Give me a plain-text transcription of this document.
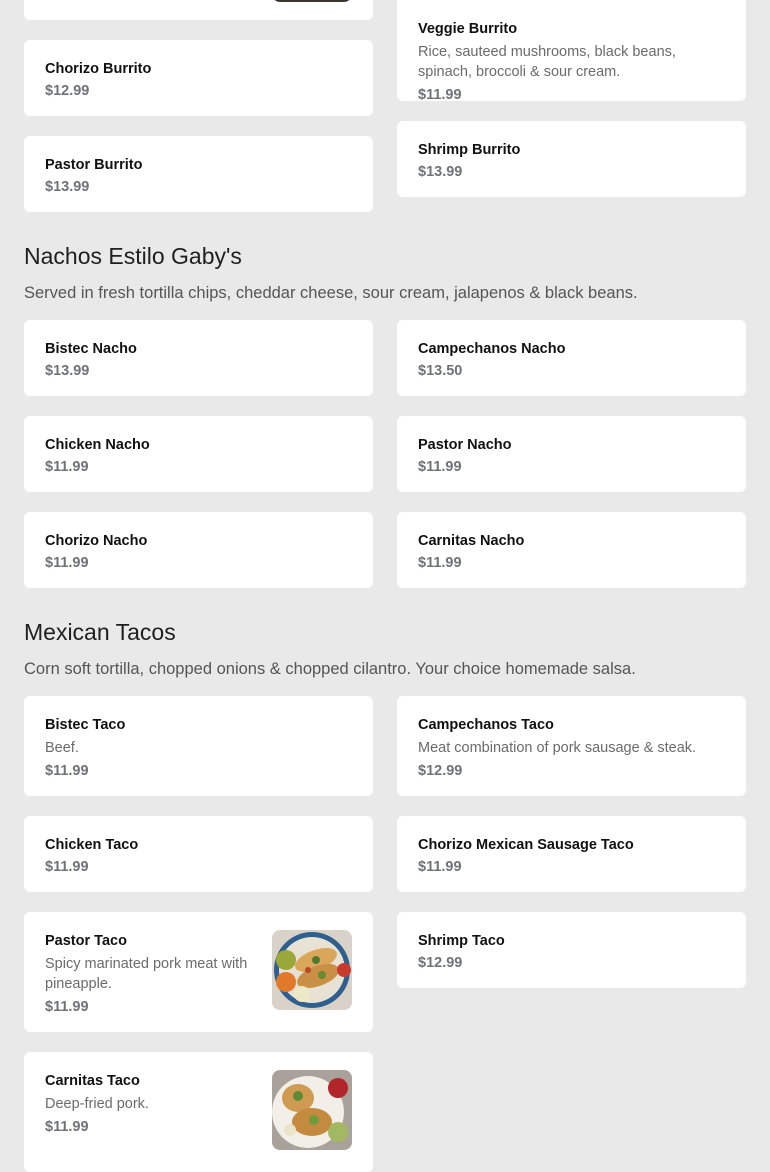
Chorizo Burrito
$12.99
Pastor Burrito
$13.99
Veggie Burrito
Rice, sauteed mushrooms, black beans, spinach, broccoli & sour cream.
$11.99
Shrimp Burrito
$13.99
Nachos Estilo Gaby's
Served in fresh tortilla chips, cheddar cheese, sour cream, jalapenos & black beans.
Bistec Nacho
$13.99
Chicken Nacho
$11.99
Chorizo Nacho
$11.99
Campechanos Nacho
$13.50
Pastor Nacho
$11.99
Carnitas Nacho
$11.99
Mexican Tacos
Corn soft tortilla, chopped onions & chopped cilantro. Your choice homemade salsa.
Bistec Taco
Beef.
$11.99
Chicken Taco
$11.99
Pastor Taco
Spicy marinated pork meat with pineapple.
$11.99
Carnitas Taco
Deep-fried pork.
$11.99
Campechanos Taco
Meat combination of pork sausage & steak.
$12.99
Chorizo Mexican Sausage Taco
$11.99
Shrimp Taco
$12.99
